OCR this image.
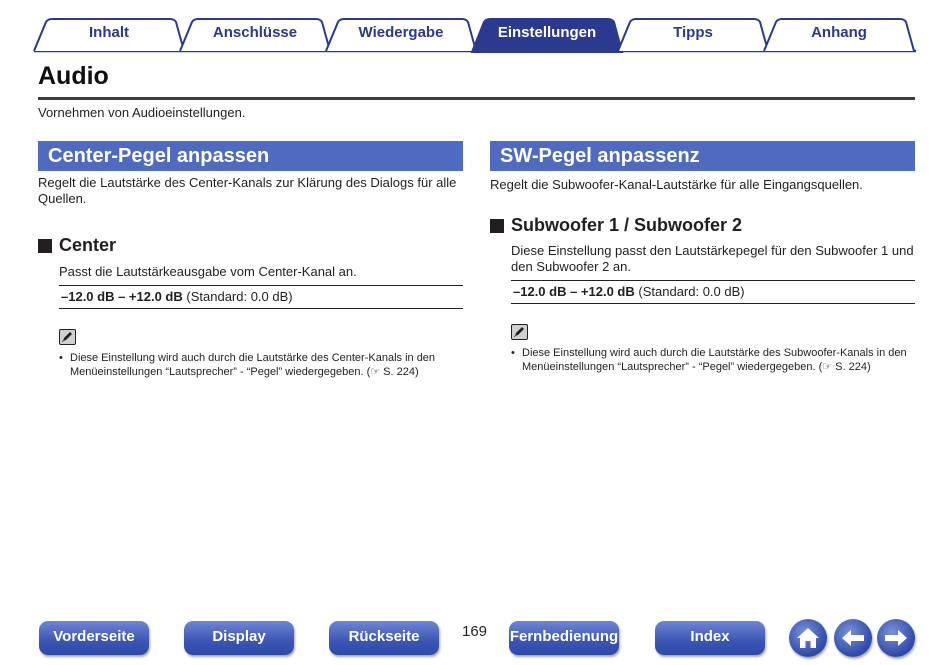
Inhalt	Anschlüsse	Wiedergabe	Einstellungen	Tipps	Anhang
Audio
Vornehmen von Audioeinstellungen.
Center-Pegel anpassen
Regelt die Lautstärke des Center-Kanals zur Klärung des Dialogs für alle Quellen.
Center
Passt die Lautstärkeausgabe vom Center-Kanal an.
–12.0 dB – +12.0 dB (Standard: 0.0 dB)
• Diese Einstellung wird auch durch die Lautstärke des Center-Kanals in den Menüeinstellungen “Lautsprecher” - “Pegel” wiedergegeben. (☞ S. 224)
SW-Pegel anpassenz
Regelt die Subwoofer-Kanal-Lautstärke für alle Eingangsquellen.
Subwoofer 1 / Subwoofer 2
Diese Einstellung passt den Lautstärkepegel für den Subwoofer 1 und den Subwoofer 2 an.
–12.0 dB – +12.0 dB (Standard: 0.0 dB)
• Diese Einstellung wird auch durch die Lautstärke des Subwoofer-Kanals in den Menüeinstellungen “Lautsprecher” - “Pegel” wiedergegeben. (☞ S. 224)
Vorderseite	Display	Rückseite	169 Fernbedienung	Index
